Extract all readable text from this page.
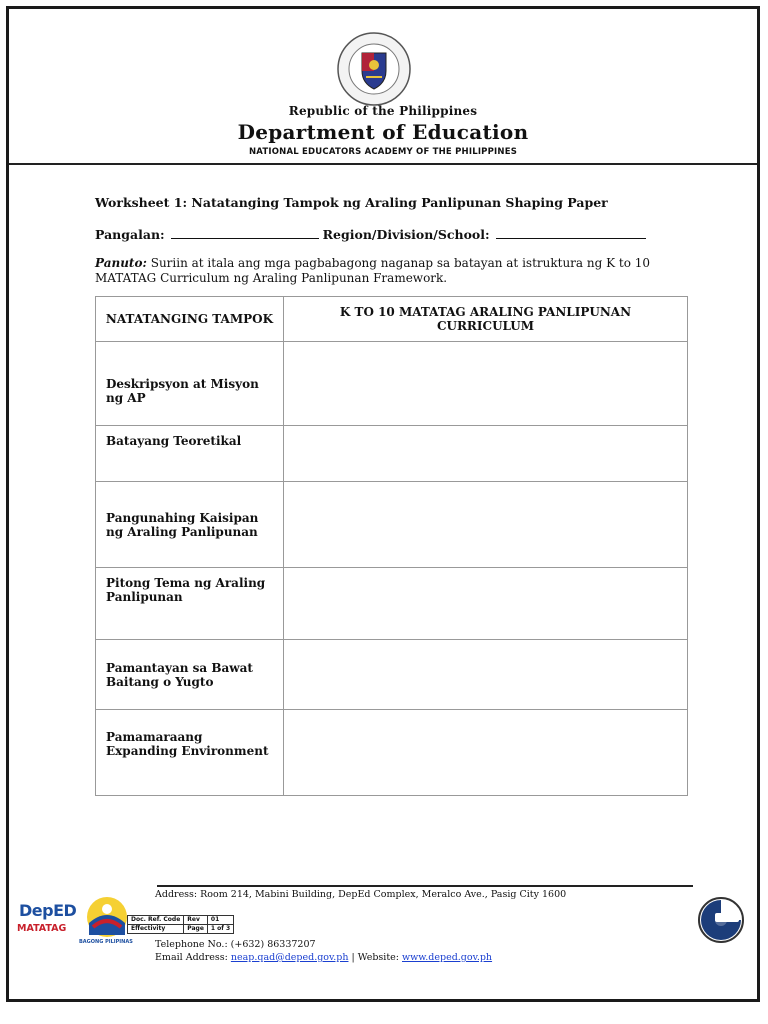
Republic of the Philippines
Department of Education
NATIONAL EDUCATORS ACADEMY OF THE PHILIPPINES
Worksheet 1: Natatanging Tampok ng Araling Panlipunan Shaping Paper
Pangalan:	Region/Division/School:
Panuto: Suriin at itala ang mga pagbabagong naganap sa batayan at istruktura ng K to 10 MATATAG Curriculum ng Araling Panlipunan Framework.
NATATANGING TAMPOK	K TO 10 MATATAG ARALING PANLIPUNAN CURRICULUM
Deskripsyon at Misyon ng AP	
Batayang Teoretikal	
Pangunahing Kaisipan ng Araling Panlipunan	
Pitong Tema ng Araling Panlipunan	
Pamantayan sa Bawat Baitang o Yugto	
Pamamaraang Expanding Environment	
DepED
MATATAG
BAGONG PILIPINAS
Address: Room 214, Mabini Building, DepEd Complex, Meralco Ave., Pasig City 1600
Doc. Ref. Code	Rev	01
Effectivity	Page	1 of 3
Telephone No.: (+632) 86337207
Email Address: neap.qad@deped.gov.ph | Website: www.deped.gov.ph
